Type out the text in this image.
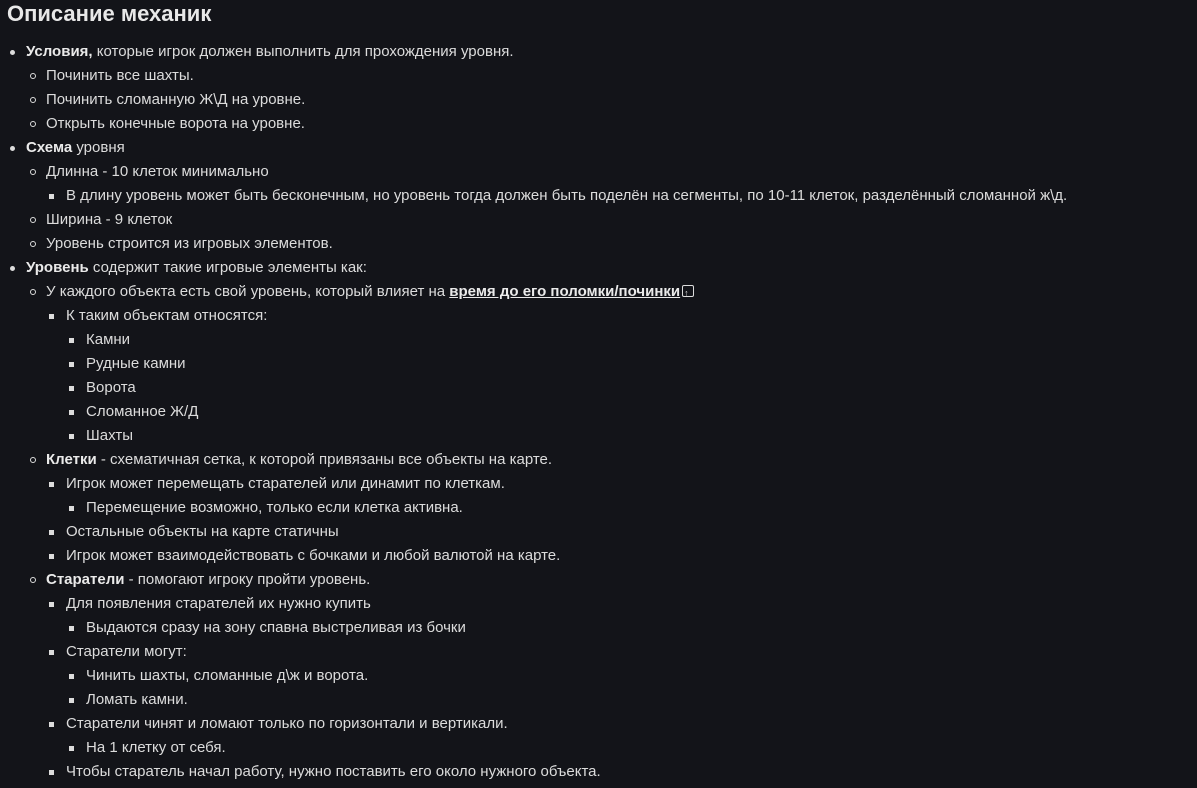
Описание механик
Условия, которые игрок должен выполнить для прохождения уровня.
Починить все шахты.
Починить сломанную Ж\Д на уровне.
Открыть конечные ворота на уровне.
Схема уровня
Длинна - 10 клеток минимально
В длину уровень может быть бесконечным, но уровень тогда должен быть поделён на сегменты, по 10-11 клеток, разделённый сломанной ж\д.
Ширина - 9 клеток
Уровень строится из игровых элементов.
Уровень содержит такие игровые элементы как:
У каждого объекта есть свой уровень, который влияет на время до его поломки/починки↑
К таким объектам относятся:
Камни
Рудные камни
Ворота
Сломанное Ж/Д
Шахты
Клетки - схематичная сетка, к которой привязаны все объекты на карте.
Игрок может перемещать старателей или динамит по клеткам.
Перемещение возможно, только если клетка активна.
Остальные объекты на карте статичны
Игрок может взаимодействовать с бочками и любой валютой на карте.
Старатели - помогают игроку пройти уровень.
Для появления старателей их нужно купить
Выдаются сразу на зону спавна выстреливая из бочки
Старатели могут:
Чинить шахты, сломанные д\ж и ворота.
Ломать камни.
Старатели чинят и ломают только по горизонтали и вертикали.
На 1 клетку от себя.
Чтобы старатель начал работу, нужно поставить его около нужного объекта.
